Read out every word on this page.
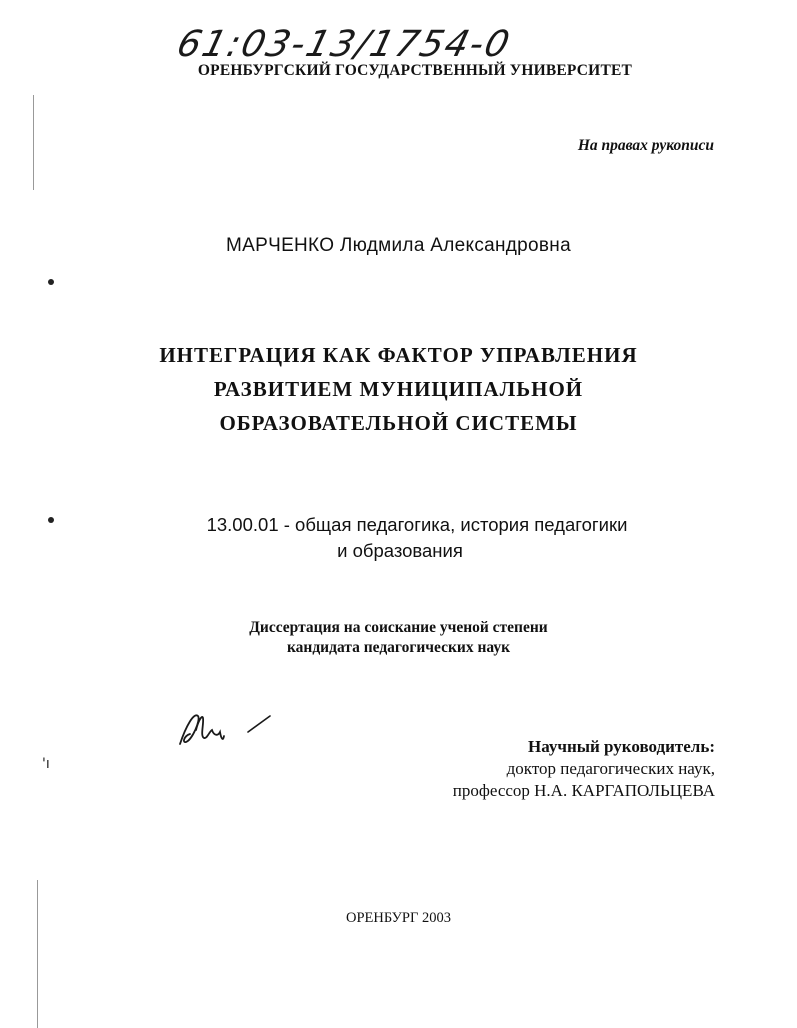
'ı
61:03-13/1754-0
ОРЕНБУРГСКИЙ ГОСУДАРСТВЕННЫЙ УНИВЕРСИТЕТ
На правах рукописи
МАРЧЕНКО Людмила Александровна
ИНТЕГРАЦИЯ КАК ФАКТОР УПРАВЛЕНИЯ
РАЗВИТИЕМ МУНИЦИПАЛЬНОЙ
ОБРАЗОВАТЕЛЬНОЙ СИСТЕМЫ
13.00.01 - общая педагогика, история педагогики
и образования
Диссертация на соискание ученой степени
кандидата педагогических наук
Научный руководитель:
доктор педагогических наук,
профессор Н.А. КАРГАПОЛЬЦЕВА
ОРЕНБУРГ 2003
